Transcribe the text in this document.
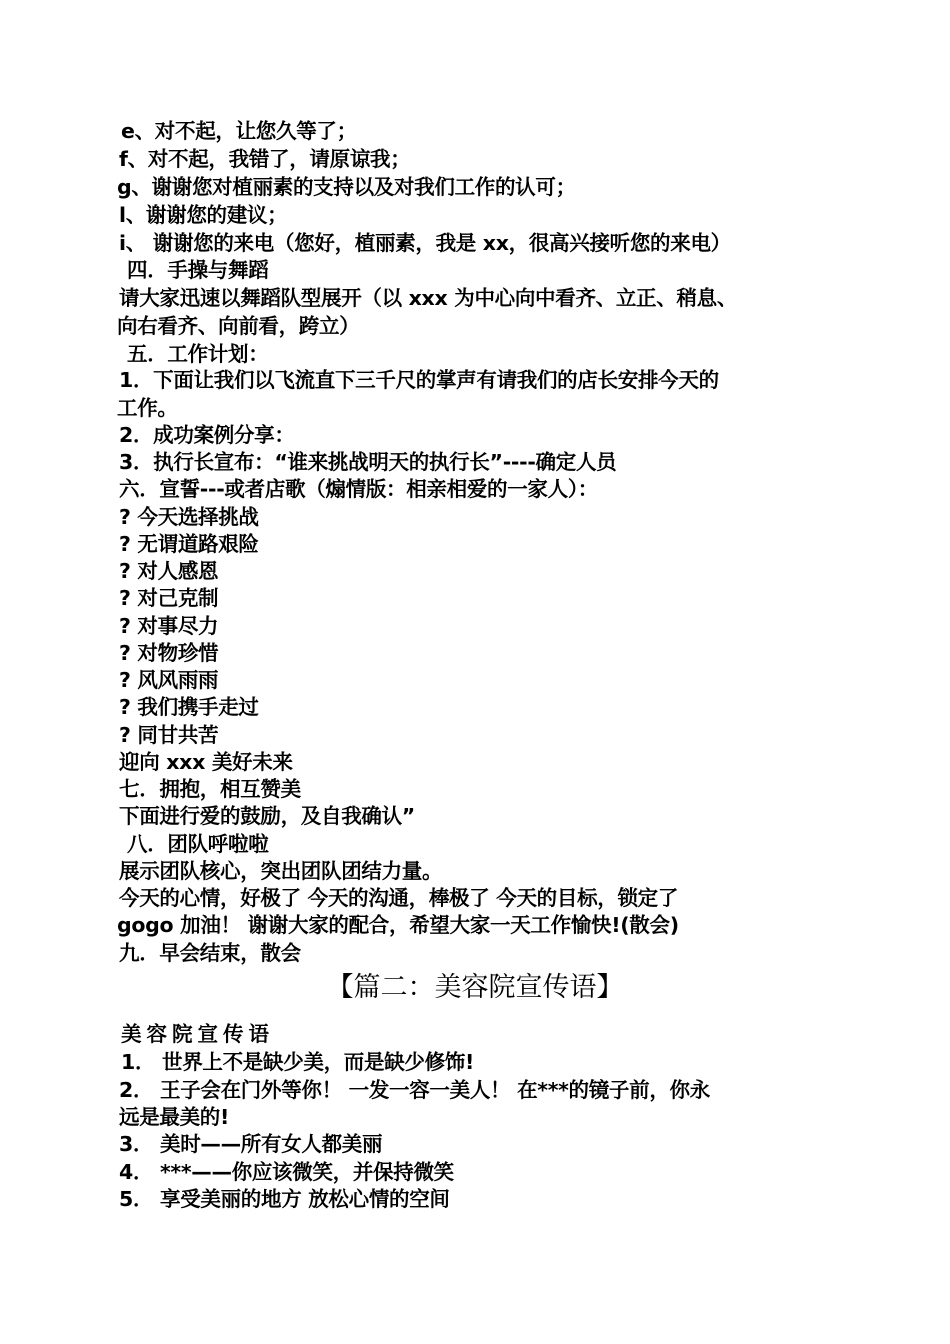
e、对不起，让您久等了；
f、对不起，我错了，请原谅我；
g、谢谢您对植丽素的支持以及对我们工作的认可；
l、谢谢您的建议；
i、 谢谢您的来电（您好，植丽素，我是 xx，很高兴接听您的来电）
四．手操与舞蹈
请大家迅速以舞蹈队型展开（以 xxx 为中心向中看齐、立正、稍息、
向右看齐、向前看，跨立）
五．工作计划：
1．下面让我们以飞流直下三千尺的掌声有请我们的店长安排今天的
工作。
2．成功案例分享：
3．执行长宣布：“谁来挑战明天的执行长”----确定人员
六．宣誓---或者店歌（煽情版：相亲相爱的一家人）：
? 今天选择挑战
? 无谓道路艰险
? 对人感恩
? 对己克制
? 对事尽力
? 对物珍惜
? 风风雨雨
? 我们携手走过
? 同甘共苦
迎向 xxx 美好未来
七．拥抱，相互赞美
下面进行爱的鼓励，及自我确认”
八．团队呼啦啦
展示团队核心，突出团队团结力量。
今天的心情，好极了 今天的沟通，棒极了 今天的目标，锁定了
gogo 加油！ 谢谢大家的配合，希望大家一天工作愉快!(散会)
九．早会结束，散会
【篇二：美容院宣传语】
美容院宣传语
1． 世界上不是缺少美，而是缺少修饰!
2． 王子会在门外等你！ 一发一容一美人！ 在***的镜子前，你永
远是最美的!
3． 美时——所有女人都美丽
4． ***——你应该微笑，并保持微笑
5． 享受美丽的地方 放松心情的空间
